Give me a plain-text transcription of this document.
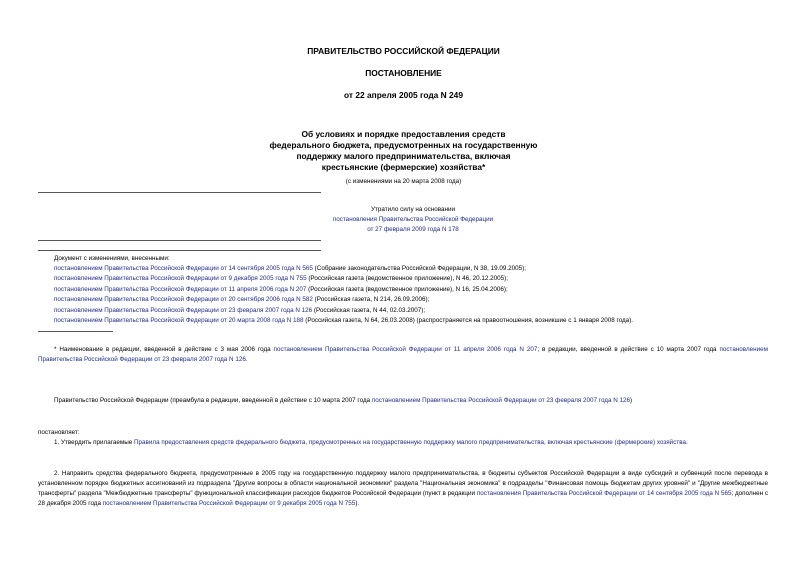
ПРАВИТЕЛЬСТВО РОССИЙСКОЙ ФЕДЕРАЦИИ
ПОСТАНОВЛЕНИЕ
от 22 апреля 2005 года N 249
Об условиях и порядке предоставления средств
федерального бюджета, предусмотренных на государственную
поддержку малого предпринимательства, включая
крестьянские (фермерские) хозяйства*
(с изменениями на 20 марта 2008 года)
Утратило силу на основании
постановления Правительства Российской Федерации
от 27 февраля 2009 года N 178
Документ с изменениями, внесенными:
постановлением Правительства Российской Федерации от 14 сентября 2005 года N 565 (Собрание законодательства Российской Федерации, N 38, 19.09.2005);
постановлением Правительства Российской Федерации от 9 декабря 2005 года N 755 (Российская газета (ведомственное приложение), N 46, 20.12.2005);
постановлением Правительства Российской Федерации от 11 апреля 2006 года N 207 (Российская газета (ведомственное приложение), N 16, 25.04.2006);
постановлением Правительства Российской Федерации от 20 сентября 2006 года N 582 (Российская газета, N 214, 26.09.2006);
постановлением Правительства Российской Федерации от 23 февраля 2007 года N 126 (Российская газета, N 44, 02.03.2007);
постановлением Правительства Российской Федерации от 20 марта 2008 года N 188 (Российская газета, N 64, 26.03.2008) (распространяется на правоотношения, возникшие с 1 января 2008 года).
* Наименование в редакции, введенной в действие с 3 мая 2006 года постановлением Правительства Российской Федерации от 11 апреля 2006 года N 207; в редакции, введенной в действие с 10 марта 2007 года постановлением Правительства Российской Федерации от 23 февраля 2007 года N 126.
Правительство Российской Федерации (преамбула в редакции, введенной в действие с 10 марта 2007 года постановлением Правительства Российской Федерации от 23 февраля 2007 года N 126)
постановляет:
1. Утвердить прилагаемые Правила предоставления средств федерального бюджета, предусмотренных на государственную поддержку малого предпринимательства, включая крестьянские (фермерские) хозяйства.
2. Направить средства федерального бюджета, предусмотренные в 2005 году на государственную поддержку малого предпринимательства, в бюджеты субъектов Российской Федерации в виде субсидий и субвенций после перевода в установленном порядке бюджетных ассигнований из подраздела "Другие вопросы в области национальной экономики" раздела "Национальная экономика" в подразделы "Финансовая помощь бюджетам других уровней" и "Другие межбюджетные трансферты" раздела "Межбюджетные трансферты" функциональной классификации расходов бюджетов Российской Федерации (пункт в редакции постановления Правительства Российской Федерации от 14 сентября 2005 года N 565; дополнен с 28 декабря 2005 года постановлением Правительства Российской Федерации от 9 декабря 2005 года N 755).
